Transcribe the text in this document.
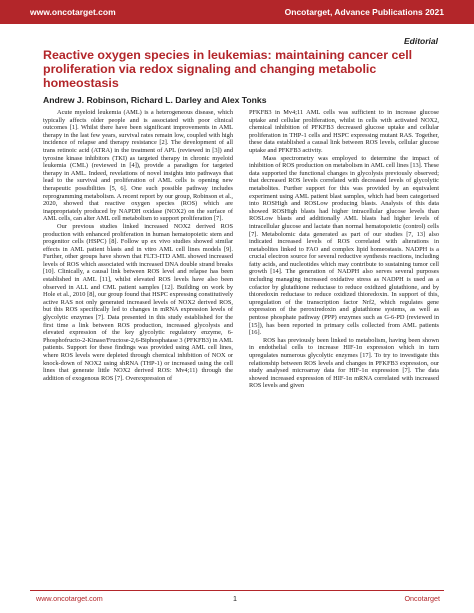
www.oncotarget.com	Oncotarget, Advance Publications 2021
Editorial
Reactive oxygen species in leukemias: maintaining cancer cell proliferation via redox signaling and changing metabolic homeostasis
Andrew J. Robinson, Richard L. Darley and Alex Tonks

Acute myeloid leukemia (AML) is a heterogeneous disease, which typically affects older people and is associated with poor clinical outcomes [1]. Whilst there have been significant improvements in AML therapy in the last few years, survival rates remain low, coupled with high incidence of relapse and therapy resistance [2]. The development of all trans retinoic acid (ATRA) in the treatment of APL (reviewed in [3]) and tyrosine kinase inhibitors (TKI) as targeted therapy in chronic myeloid leukemia (CML) (reviewed in [4]), provide a paradigm for targeted therapy in AML. Indeed, revelations of novel insights into pathways that lead to the survival and proliferation of AML cells is opening new therapeutic possibilities [5, 6]. One such possible pathway includes reprogramming metabolism. A recent report by our group, Robinson et al., 2020, showed that reactive oxygen species (ROS) which are inappropriately produced by NAPDH oxidase (NOX2) on the surface of AML cells, can alter AML cell metabolism to support proliferation [7].

Our previous studies linked increased NOX2 derived ROS production with enhanced proliferation in human hematopoietic stem and progenitor cells (HSPC) [8]. Follow up ex vivo studies showed similar effects in AML patient blasts and in vitro AML cell lines models [9]. Further, other groups have shown that FLT3-ITD AML showed increased levels of ROS which associated with increased DNA double strand breaks [10]. Clinically, a causal link between ROS level and relapse has been established in AML [11], whilst elevated ROS levels have also been observed in ALL and CML patient samples [12]. Building on work by Hole et al., 2010 [8], our group found that HSPC expressing constitutively active RAS not only generated increased levels of NOX2 derived ROS, but this ROS specifically led to changes in mRNA expression levels of glycolytic enzymes [7]. Data presented in this study established for the first time a link between ROS production, increased glycolysis and elevated expression of the key glycolytic regulatory enzyme, 6-Phosphofructo-2-Kinase/Fructose-2,6-Biphosphatase 3 (PFKFB3) in AML patients. Support for these findings was provided using AML cell lines, where ROS levels were depleted through chemical inhibition of NOX or knock-down of NOX2 using shRNA (THP-1) or increased using the cell lines that generate little NOX2 derived ROS: Mv4;11) through the addition of exogenous ROS [7]. Overexpression of

PFKFB3 in Mv4;11 AML cells was sufficient to in increase glucose uptake and cellular proliferation, whilst in cells with activated NOX2, chemical inhibition of PFKFB3 decreased glucose uptake and cellular proliferation in THP-1 cells and HSPC expressing mutant RAS. Together, these data established a causal link between ROS levels, cellular glucose uptake and PFKFB3 activity.

Mass spectrometry was employed to determine the impact of inhibition of ROS production on metabolism in AML cell lines [13]. These data supported the functional changes in glycolysis previously observed; that decreased ROS levels correlated with decreased levels of glycolytic metabolites. Further support for this was provided by an equivalent experiment using AML patient blast samples, which had been categorised into ROSHigh and ROSLow producing blasts. Analysis of this data showed ROSHigh blasts had higher intracellular glucose levels than ROSLow blasts and additionally AML blasts had higher levels of intracellular glucose and lactate than normal hematopoietic (control) cells [7]. Metabolomic data generated as part of our studies [7, 13] also indicated increased levels of ROS correlated with alterations in metabolites linked to FAO and complex lipid homeostasis. NADPH is a crucial electron source for several reductive synthesis reactions, including fatty acids, and nucleotides which may contribute to sustaining tumor cell growth [14]. The generation of NADPH also serves several purposes including managing increased oxidative stress as NADPH is used as a cofactor by glutathione reductase to reduce oxidized glutathione, and by thioredoxin reductase to reduce oxidized thioredoxin. In support of this, upregulation of the transcription factor Nrf2, which regulates gene expression of the peroxiredoxin and glutathione systems, as well as pentose phosphate pathway (PPP) enzymes such as G-6-PD (reviewed in [15]), has been reported in primary cells collected from AML patients [16].

ROS has previously been linked to metabolism, having been shown in endothelial cells to increase HIF-1α expression which in turn upregulates numerous glycolytic enzymes [17]. To try to investigate this relationship between ROS levels and changes in PFKFB3 expression, our study analysed microarray data for HIF-1α expression [7]. The data showed increased expression of HIF-1α mRNA correlated with increased ROS levels and given

www.oncotarget.com	1	Oncotarget
